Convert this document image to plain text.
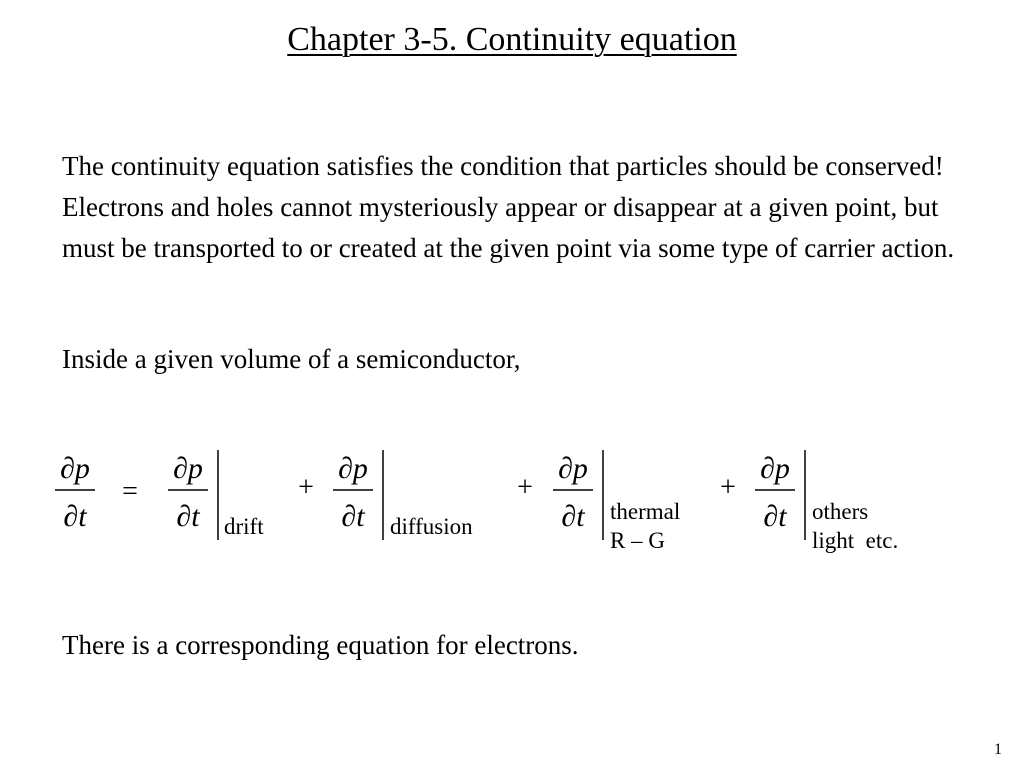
Chapter 3-5. Continuity equation

The continuity equation satisfies the condition that particles should be conserved! Electrons and holes cannot mysteriously appear or disappear at a given point, but must be transported to or created at the given point via some type of carrier action.

Inside a given volume of a semiconductor,

∂p
∂t
=
∂p
∂t drift
+
∂p
∂t diffusion
+
∂p
∂t thermal
R – G
+
∂p
∂t others
light  etc.

There is a corresponding equation for electrons.

1
